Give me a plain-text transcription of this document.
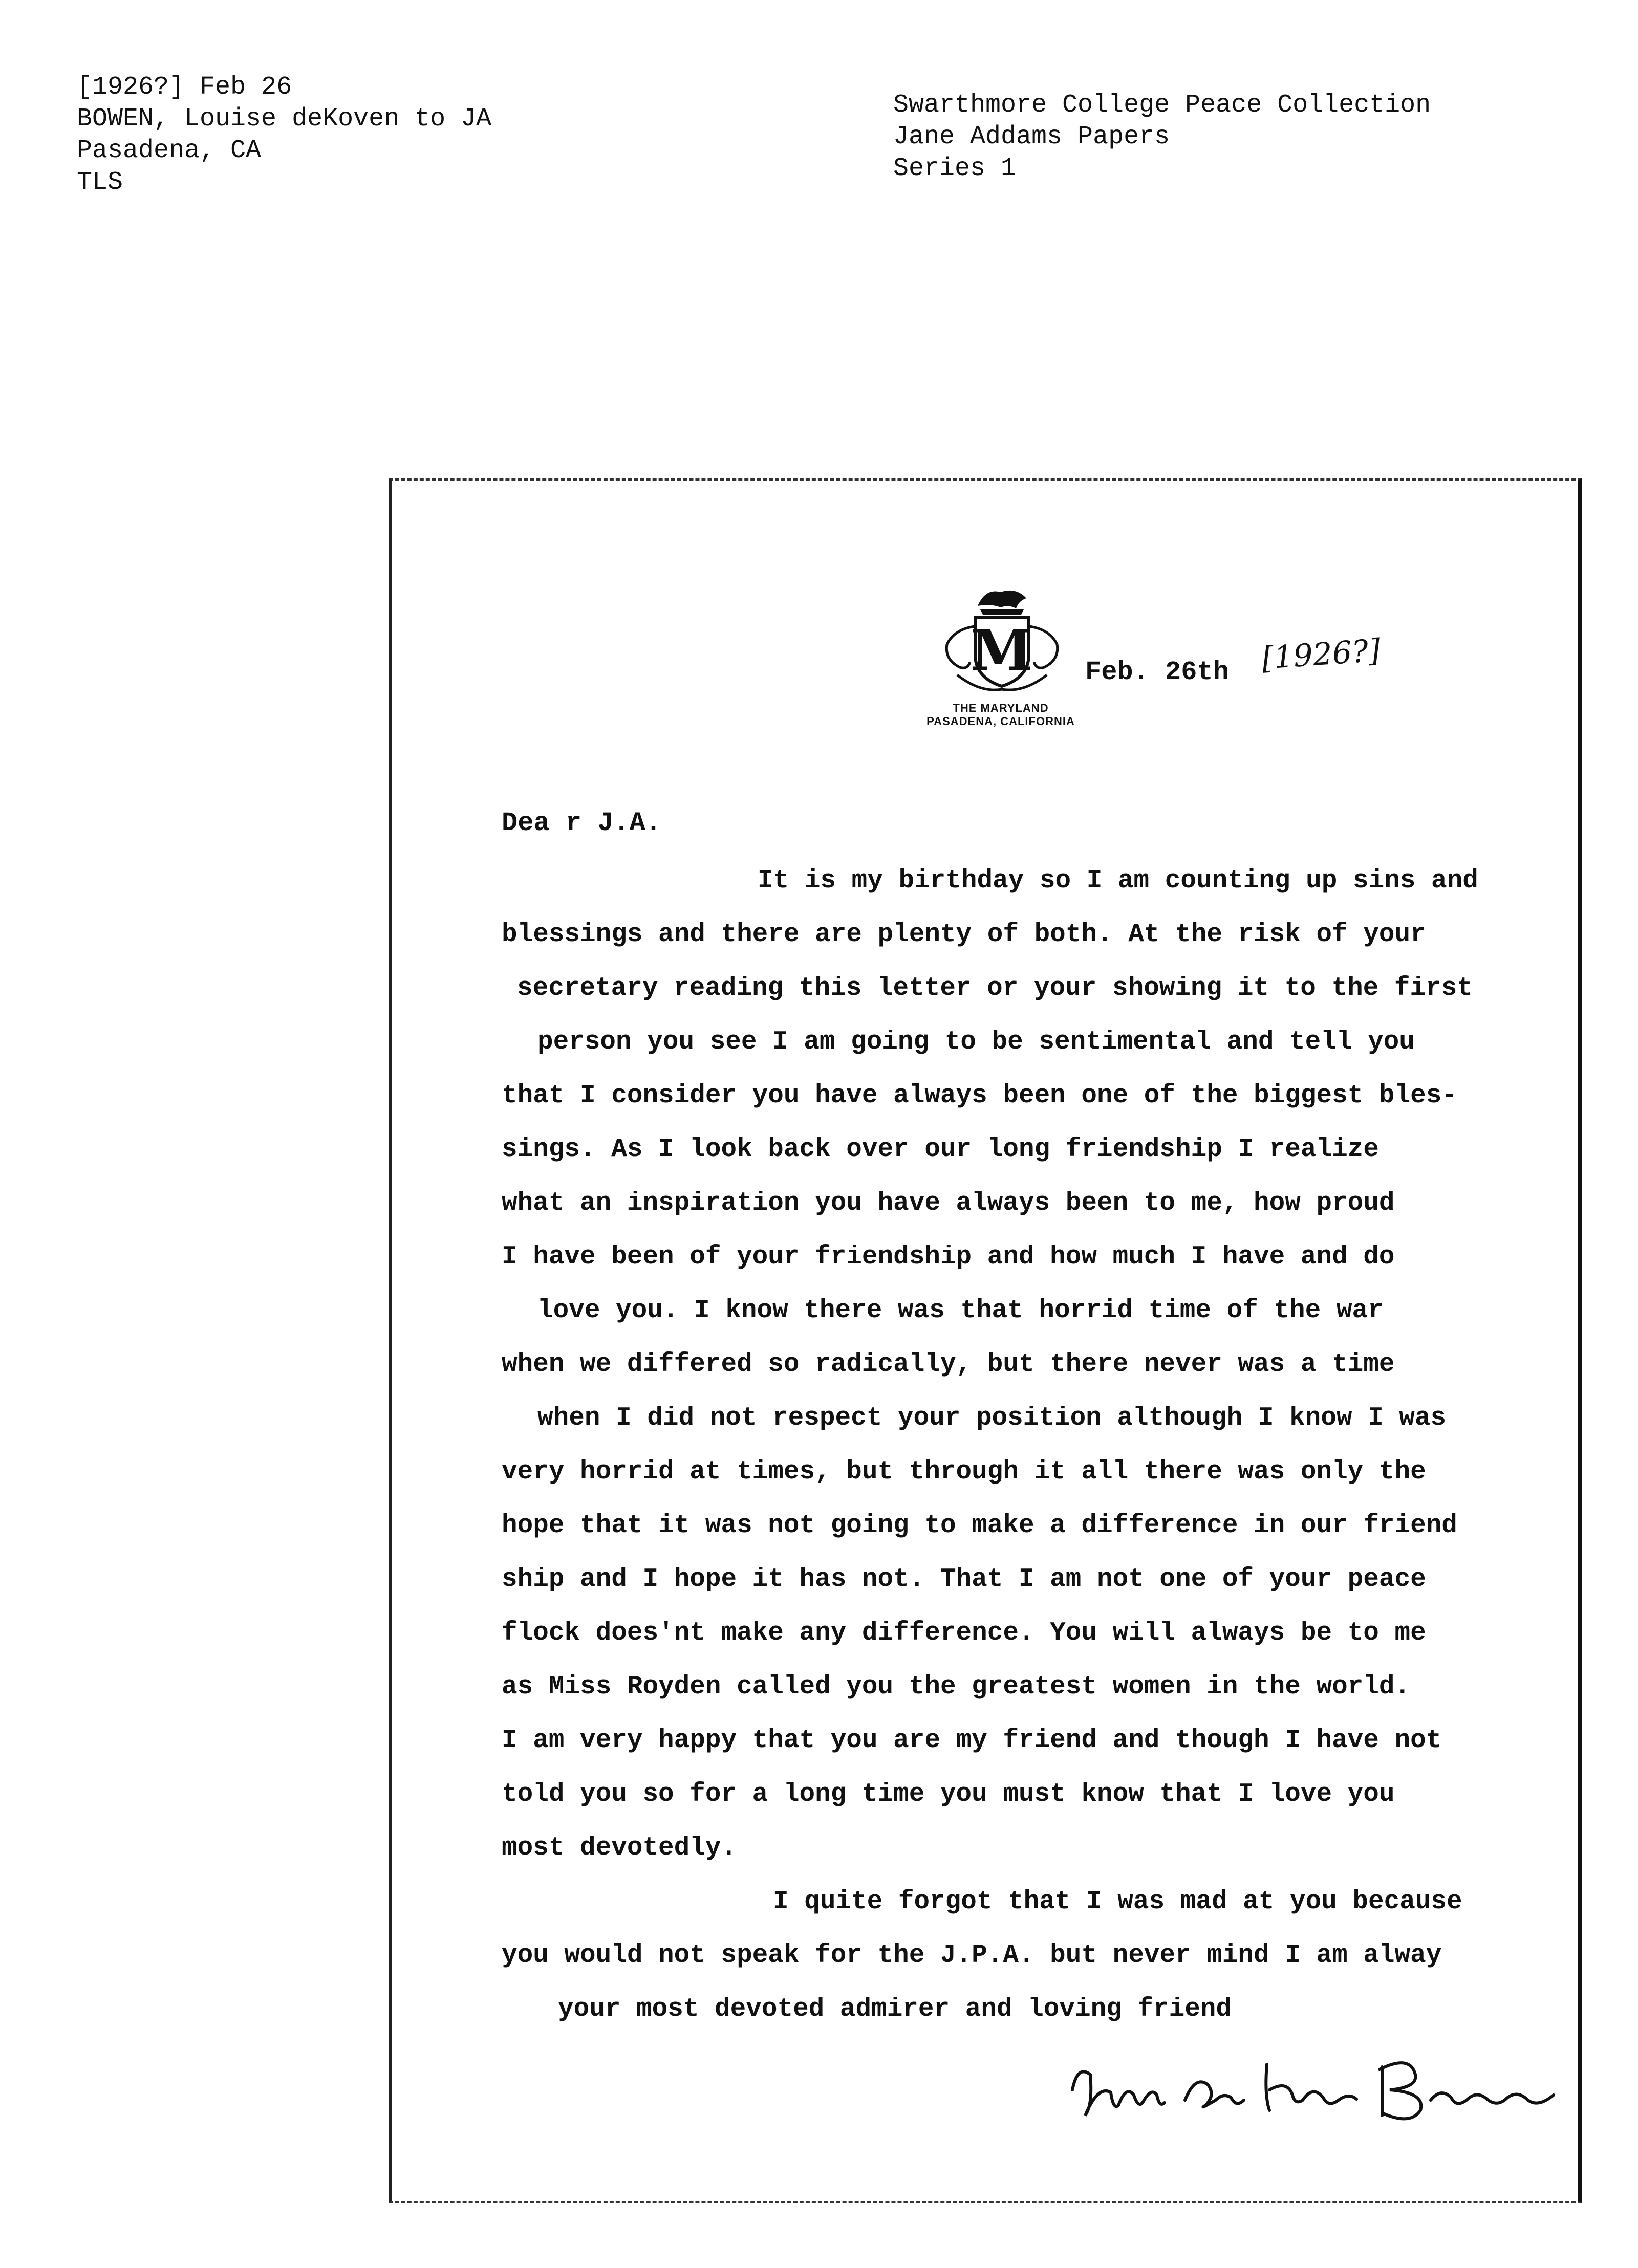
[1926?] Feb 26
BOWEN, Louise deKoven to JA
Pasadena, CA
TLS
Swarthmore College Peace Collection
Jane Addams Papers
Series 1
M
THE MARYLAND
PASADENA, CALIFORNIA
Feb. 26th [1926?]
Dea r J.A.
It is my birthday so I am counting up sins and
blessings and there are plenty of both. At the risk of your
secretary reading this letter or your showing it to the first
person you see I am going to be sentimental and tell you
that I consider you have always been one of the biggest bles-
sings. As I look back over our long friendship I realize
what an inspiration you have always been to me, how proud
I have been of your friendship and how much I have and do
love you. I know there was that horrid time of the war
when we differed so radically, but there never was a time
when I did not respect your position although I know I was
very horrid at times, but through it all there was only the
hope that it was not going to make a difference in our friend
ship and I hope it has not. That I am not one of your peace
flock does'nt make any difference. You will always be to me
as Miss Royden called you the greatest women in the world.
I am very happy that you are my friend and though I have not
told you so for a long time you must know that I love you
most devotedly.
I quite forgot that I was mad at you because
you would not speak for the J.P.A. but never mind I am alway
your most devoted admirer and loving friend
